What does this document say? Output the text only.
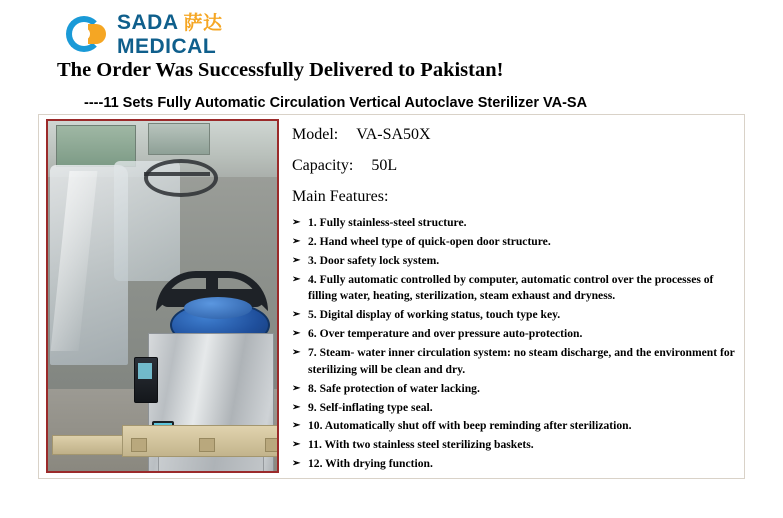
SADA 萨达
MEDICAL
The Order Was Successfully Delivered to Pakistan!
----11 Sets Fully Automatic Circulation Vertical Autoclave Sterilizer VA-SA
Model: VA-SA50X
Capacity: 50L
Main Features:
➢ 1. Fully stainless-steel structure.
➢ 2. Hand wheel type of quick-open door structure.
➢ 3. Door safety lock system.
➢ 4. Fully automatic controlled by computer, automatic control over the processes of filling water, heating, sterilization, steam exhaust and dryness.
➢ 5. Digital display of working status, touch type key.
➢ 6. Over temperature and over pressure auto-protection.
➢ 7. Steam- water inner circulation system: no steam discharge, and the environment for sterilizing will be clean and dry.
➢ 8. Safe protection of water lacking.
➢ 9. Self-inflating type seal.
➢ 10. Automatically shut off with beep reminding after sterilization.
➢ 11. With two stainless steel sterilizing baskets.
➢ 12. With drying function.
